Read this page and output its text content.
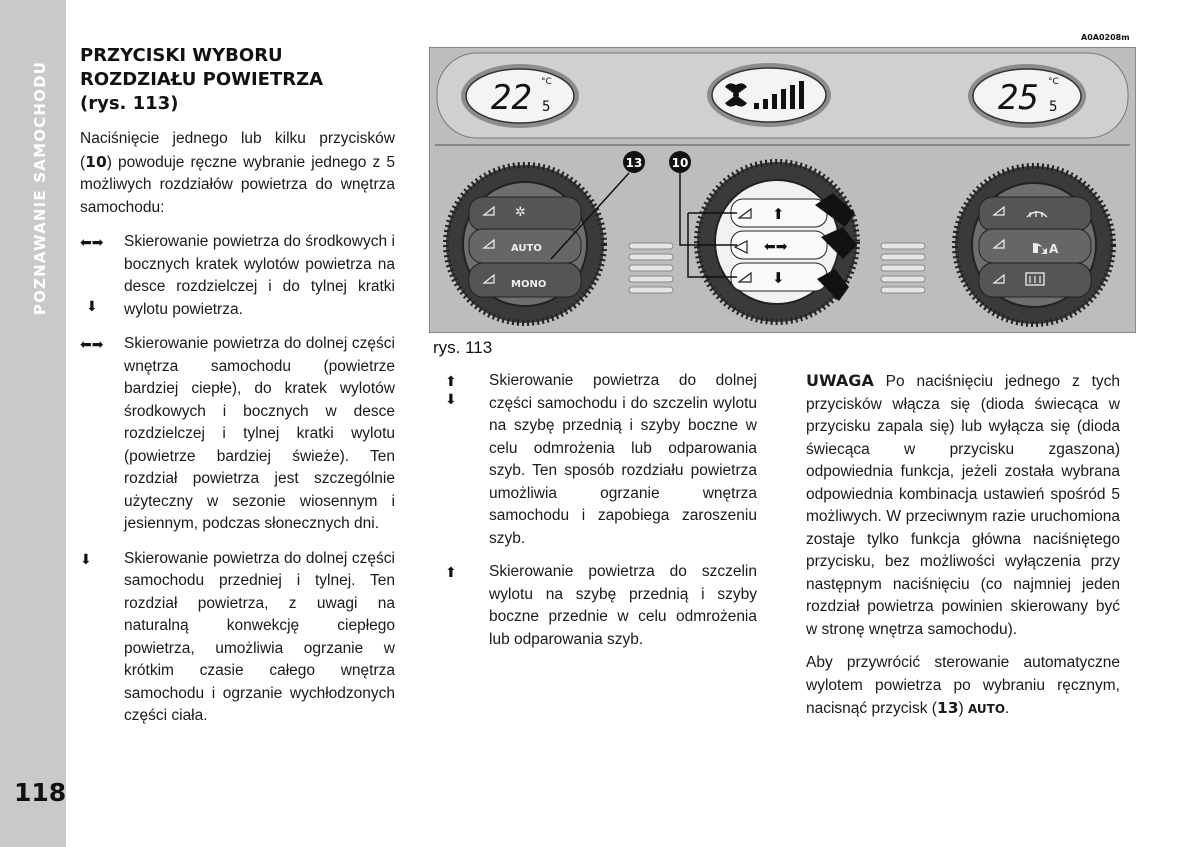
POZNAWANIE SAMOCHODU
118
PRZYCISKI WYBORU
ROZDZIAŁU POWIETRZA
(rys. 113)
Naciśnięcie jednego lub kilku przycisków (10) powoduje ręczne wybranie jednego z 5 możliwych rozdziałów powietrza do wnętrza samochodu:
⬅➡
⬇
Skierowanie powietrza do środkowych i bocznych kratek wylotów powietrza na desce rozdzielczej i do tylnej kratki wylotu powietrza.
⬅➡ Skierowanie powietrza do dolnej części wnętrza samochodu (powietrze bardziej ciepłe), do kratek wylotów środkowych i bocznych w desce rozdzielczej i tylnej kratki wylotu (powietrze bardziej świeże). Ten rozdział powietrza jest szczególnie użyteczny w sezonie wiosennym i jesiennym, podczas słonecznych dni.
⬇ Skierowanie powietrza do dolnej części samochodu przedniej i tylnej. Ten rozdział powietrza, z uwagi na naturalną konwekcję ciepłego powietrza, umożliwia ogrzanie w krótkim czasie całego wnętrza samochodu i ogrzanie wychłodzonych części ciała.
A0A0208m
22 5
°C	25 5
°C
✲
AUTO
MONO
⬆
⬅➡
⬇
A
13 10
rys. 113
⬆
⬇
Skierowanie powietrza do dolnej części samochodu i do szczelin wylotu na szybę przednią i szyby boczne w celu odmrożenia lub odparowania szyb. Ten sposób rozdziału powietrza umożliwia ogrzanie wnętrza samochodu i zapobiega zaroszeniu szyb.
⬆ Skierowanie powietrza do szczelin wylotu na szybę przednią i szyby boczne przednie w celu odmrożenia lub odparowania szyb.

UWAGA Po naciśnięciu jednego z tych przycisków włącza się (dioda świecąca w przycisku zapala się) lub wyłącza się (dioda świecąca w przycisku zgaszona) odpowiednia funkcja, jeżeli została wybrana odpowiednia kombinacja ustawień spośród 5 możliwych. W przeciwnym razie uruchomiona zostaje tylko funkcja główna naciśniętego przycisku, bez możliwości wyłączenia przy następnym naciśnięciu (co najmniej jeden rozdział powietrza powinien skierowany być w stronę wnętrza samochodu).

Aby przywrócić sterowanie automatyczne wylotem powietrza po wybraniu ręcznym, nacisnąć przycisk (13) AUTO.
